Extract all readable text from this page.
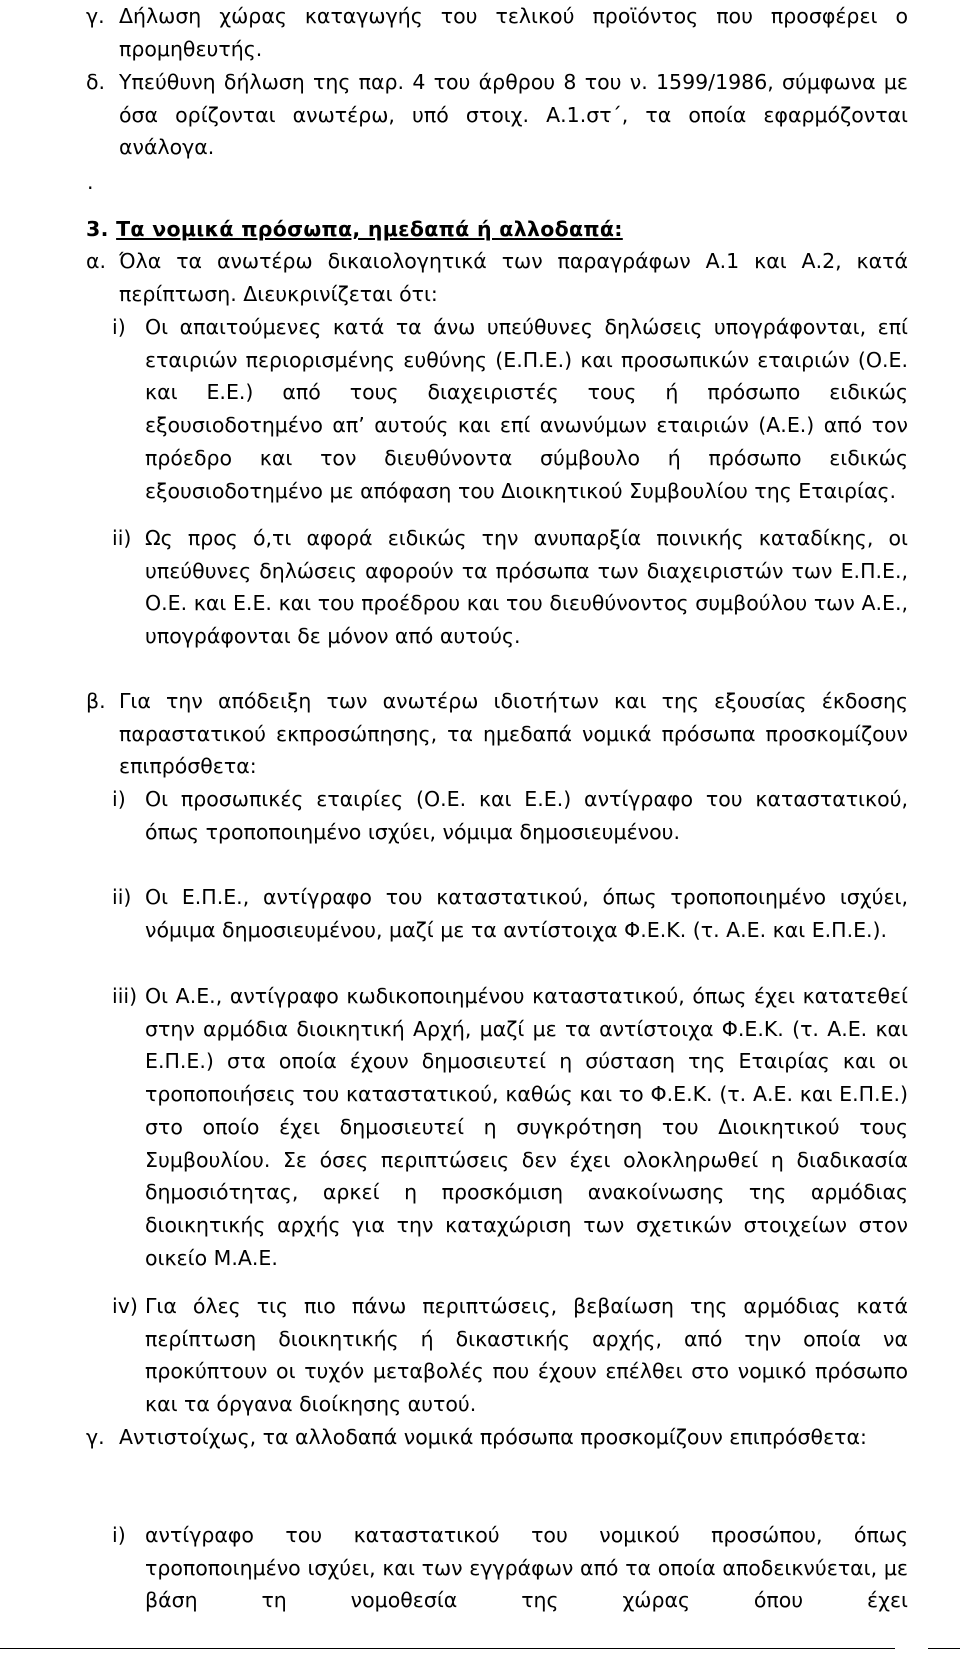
γ. Δήλωση χώρας καταγωγής του τελικού προϊόντος που προσφέρει ο προμηθευτής.

δ. Υπεύθυνη δήλωση της παρ. 4 του άρθρου 8 του ν. 1599/1986, σύμφωνα με όσα ορίζονται ανωτέρω, υπό στοιχ. Α.1.στ΄, τα οποία εφαρμόζονται ανάλογα.

.
3. Τα νομικά πρόσωπα, ημεδαπά ή αλλοδαπά:
α. Όλα τα ανωτέρω δικαιολογητικά των παραγράφων Α.1 και Α.2, κατά περίπτωση. Διευκρινίζεται ότι:

i) Οι απαιτούμενες κατά τα άνω υπεύθυνες δηλώσεις υπογράφονται, επί εταιριών περιορισμένης ευθύνης (Ε.Π.Ε.) και προσωπικών εταιριών (Ο.Ε. και Ε.Ε.) από τους διαχειριστές τους ή πρόσωπο ειδικώς εξουσιοδοτημένο απ’ αυτούς και επί ανωνύμων εταιριών (Α.Ε.) από τον πρόεδρο και τον διευθύνοντα σύμβουλο ή πρόσωπο ειδικώς εξουσιοδοτημένο με απόφαση του Διοικητικού Συμβουλίου της Εταιρίας.

ii) Ως προς ό,τι αφορά ειδικώς την ανυπαρξία ποινικής καταδίκης, οι υπεύθυνες δηλώσεις αφορούν τα πρόσωπα των διαχειριστών των Ε.Π.Ε., Ο.Ε. και Ε.Ε. και του προέδρου και του διευθύνοντος συμβούλου των Α.Ε., υπογράφονται δε μόνον από αυτούς.

β. Για την απόδειξη των ανωτέρω ιδιοτήτων και της εξουσίας έκδοσης παραστατικού εκπροσώπησης, τα ημεδαπά νομικά πρόσωπα προσκομίζουν επιπρόσθετα:

i) Οι προσωπικές εταιρίες (Ο.Ε. και Ε.Ε.) αντίγραφο του καταστατικού, όπως τροποποιημένο ισχύει, νόμιμα δημοσιευμένου.

ii) Οι Ε.Π.Ε., αντίγραφο του καταστατικού, όπως τροποποιημένο ισχύει, νόμιμα δημοσιευμένου, μαζί με τα αντίστοιχα Φ.Ε.Κ. (τ. Α.Ε. και Ε.Π.Ε.).

iii) Οι Α.Ε., αντίγραφο κωδικοποιημένου καταστατικού, όπως έχει κατατεθεί στην αρμόδια διοικητική Αρχή, μαζί με τα αντίστοιχα Φ.Ε.Κ. (τ. Α.Ε. και Ε.Π.Ε.) στα οποία έχουν δημοσιευτεί η σύσταση της Εταιρίας και οι τροποποιήσεις του καταστατικού, καθώς και το Φ.Ε.Κ. (τ. Α.Ε. και Ε.Π.Ε.) στο οποίο έχει δημοσιευτεί η συγκρότηση του Διοικητικού τους Συμβουλίου. Σε όσες περιπτώσεις δεν έχει ολοκληρωθεί η διαδικασία δημοσιότητας, αρκεί η προσκόμιση ανακοίνωσης της αρμόδιας διοικητικής αρχής για την καταχώριση των σχετικών στοιχείων στον οικείο Μ.Α.Ε.

iv) Για όλες τις πιο πάνω περιπτώσεις, βεβαίωση της αρμόδιας κατά περίπτωση διοικητικής ή δικαστικής αρχής, από την οποία να προκύπτουν οι τυχόν μεταβολές που έχουν επέλθει στο νομικό πρόσωπο και τα όργανα διοίκησης αυτού.

γ. Αντιστοίχως, τα αλλοδαπά νομικά πρόσωπα προσκομίζουν επιπρόσθετα:

i) αντίγραφο του καταστατικού του νομικού προσώπου, όπως τροποποιημένο ισχύει, και των εγγράφων από τα οποία αποδεικνύεται, με βάση τη νομοθεσία της χώρας όπου έχει
